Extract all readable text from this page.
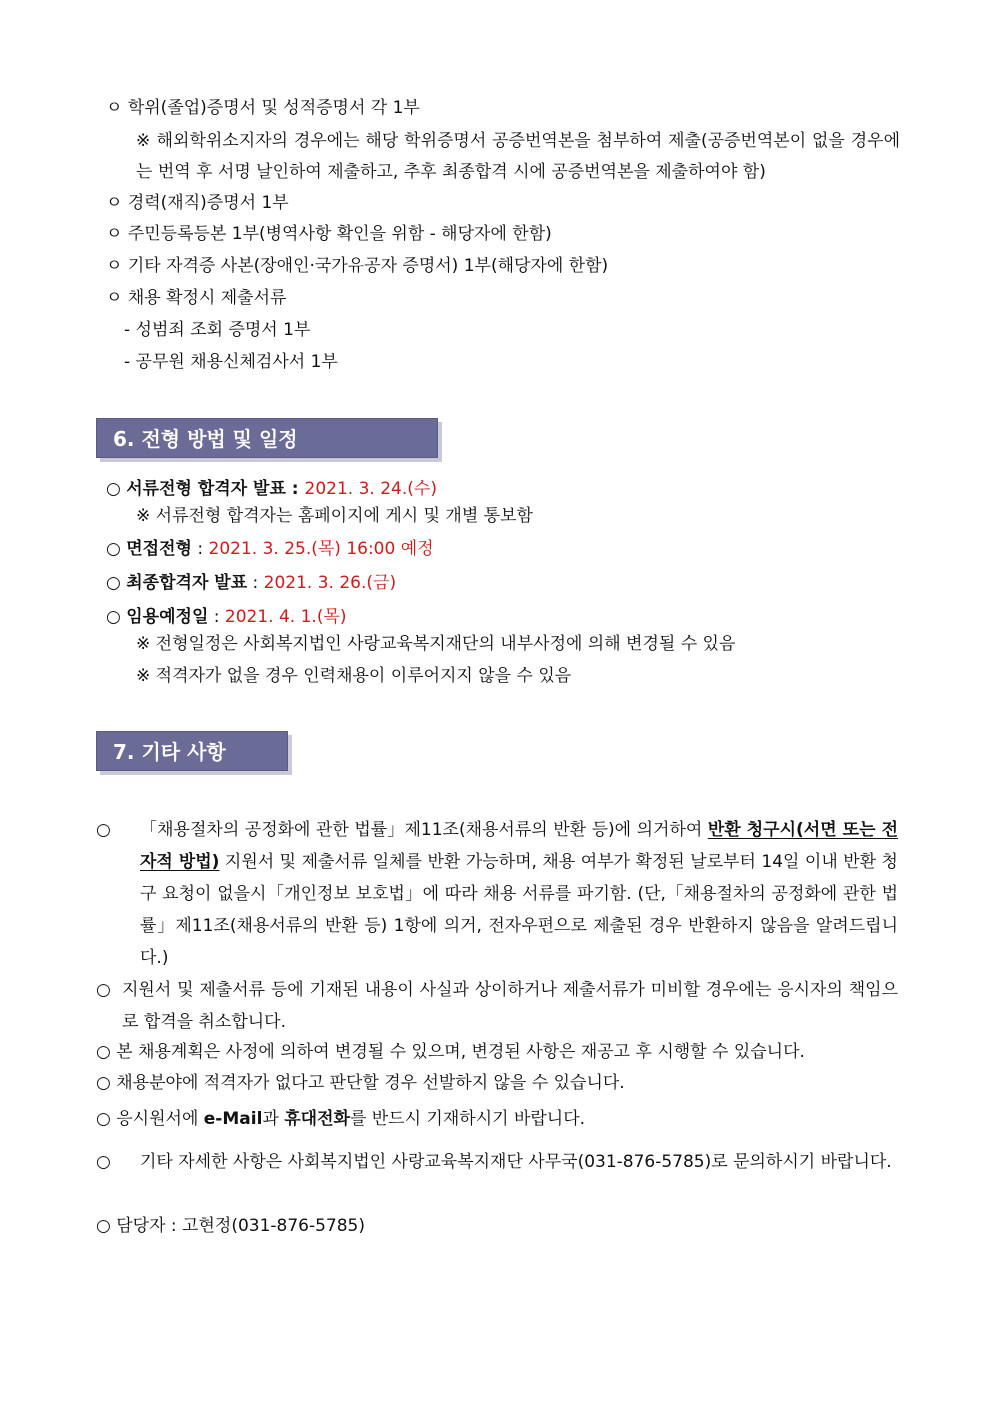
ㅇ 학위(졸업)증명서 및 성적증명서 각 1부
※ 해외학위소지자의 경우에는 해당 학위증명서 공증번역본을 첨부하여 제출(공증번역본이 없을 경우에 는 번역 후 서명 날인하여 제출하고, 추후 최종합격 시에 공증번역본을 제출하여야 함)
ㅇ 경력(재직)증명서 1부
ㅇ 주민등록등본 1부(병역사항 확인을 위함 - 해당자에 한함)
ㅇ 기타 자격증 사본(장애인·국가유공자 증명서) 1부(해당자에 한함)
ㅇ 채용 확정시 제출서류
- 성범죄 조회 증명서 1부
- 공무원 채용신체검사서 1부
6. 전형 방법 및 일정
○ 서류전형 합격자 발표 : 2021. 3. 24.(수)
※ 서류전형 합격자는 홈페이지에 게시 및 개별 통보함
○ 면접전형 : 2021. 3. 25.(목) 16:00 예정
○ 최종합격자 발표 : 2021. 3. 26.(금)
○ 임용예정일 : 2021. 4. 1.(목)
※ 전형일정은 사회복지법인 사랑교육복지재단의 내부사정에 의해 변경될 수 있음
※ 적격자가 없을 경우 인력채용이 이루어지지 않을 수 있음
7. 기타 사항
○	「채용절차의 공정화에 관한 법률」제11조(채용서류의 반환 등)에 의거하여 반환 청구시(서면 또는 전자적 방법) 지원서 및 제출서류 일체를 반환 가능하며, 채용 여부가 확정된 날로부터 14일 이내 반환 청구 요청이 없을시「개인정보 보호법」에 따라 채용 서류를 파기함. (단,「채용절차의 공정화에 관한 법률」제11조(채용서류의 반환 등) 1항에 의거, 전자우편으로 제출된 경우 반환하지 않음을 알려드립니다.)
○ 지원서 및 제출서류 등에 기재된 내용이 사실과 상이하거나 제출서류가 미비할 경우에는 응시자의 책임으로 합격을 취소합니다.
○ 본 채용계획은 사정에 의하여 변경될 수 있으며, 변경된 사항은 재공고 후 시행할 수 있습니다.
○ 채용분야에 적격자가 없다고 판단할 경우 선발하지 않을 수 있습니다.
○ 응시원서에 e-Mail과 휴대전화를 반드시 기재하시기 바랍니다.
○	기타 자세한 사항은 사회복지법인 사랑교육복지재단 사무국(031-876-5785)로 문의하시기 바랍니다.
○ 담당자 : 고현정(031-876-5785)
